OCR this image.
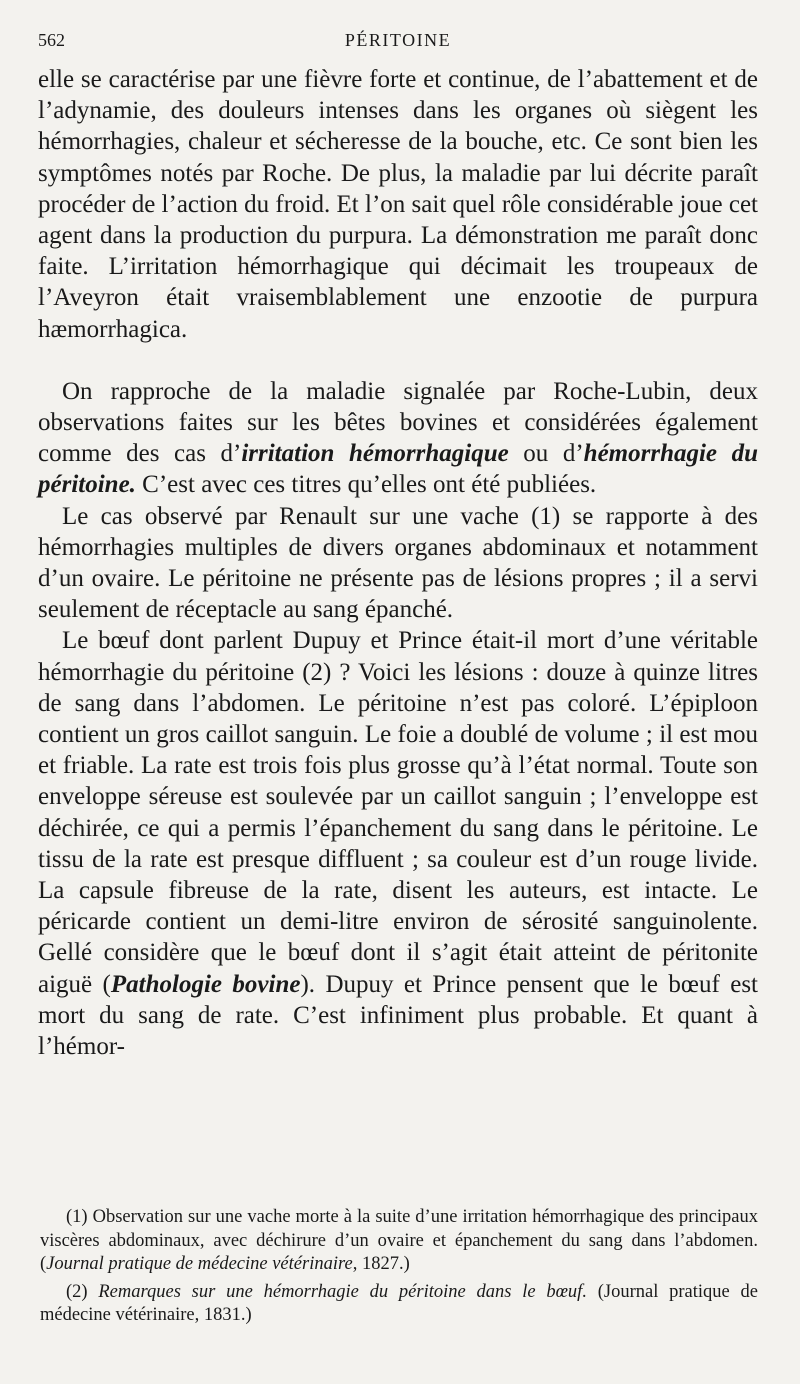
562	PÉRITOINE

elle se caractérise par une fièvre forte et continue, de l’abattement et de l’adynamie, des douleurs intenses dans les organes où siègent les hémorrhagies, chaleur et sécheresse de la bouche, etc. Ce sont bien les symptômes notés par Roche. De plus, la maladie par lui décrite paraît procéder de l’action du froid. Et l’on sait quel rôle considérable joue cet agent dans la production du purpura. La démonstration me paraît donc faite. L’irritation hémorrhagique qui décimait les troupeaux de l’Aveyron était vraisemblablement une enzootie de purpura hæmorrhagica.

On rapproche de la maladie signalée par Roche-Lubin, deux observations faites sur les bêtes bovines et considérées également comme des cas d’irritation hémorrhagique ou d’hémorrhagie du péritoine. C’est avec ces titres qu’elles ont été publiées.

Le cas observé par Renault sur une vache (1) se rapporte à des hémorrhagies multiples de divers organes abdominaux et notamment d’un ovaire. Le péritoine ne présente pas de lésions propres ; il a servi seulement de réceptacle au sang épanché.

Le bœuf dont parlent Dupuy et Prince était-il mort d’une véritable hémorrhagie du péritoine (2) ? Voici les lésions : douze à quinze litres de sang dans l’abdomen. Le péritoine n’est pas coloré. L’épiploon contient un gros caillot sanguin. Le foie a doublé de volume ; il est mou et friable. La rate est trois fois plus grosse qu’à l’état normal. Toute son enveloppe séreuse est soulevée par un caillot sanguin ; l’enveloppe est déchirée, ce qui a permis l’épanchement du sang dans le péritoine. Le tissu de la rate est presque diffluent ; sa couleur est d’un rouge livide. La capsule fibreuse de la rate, disent les auteurs, est intacte. Le péricarde contient un demi-litre environ de sérosité sanguinolente. Gellé considère que le bœuf dont il s’agit était atteint de péritonite aiguë (Pathologie bovine). Dupuy et Prince pensent que le bœuf est mort du sang de rate. C’est infiniment plus probable. Et quant à l’hémor-

(1) Observation sur une vache morte à la suite d’une irritation hémorrhagique des principaux viscères abdominaux, avec déchirure d’un ovaire et épanchement du sang dans l’abdomen. (Journal pratique de médecine vétérinaire, 1827.)

(2) Remarques sur une hémorrhagie du péritoine dans le bœuf. (Journal pratique de médecine vétérinaire, 1831.)
